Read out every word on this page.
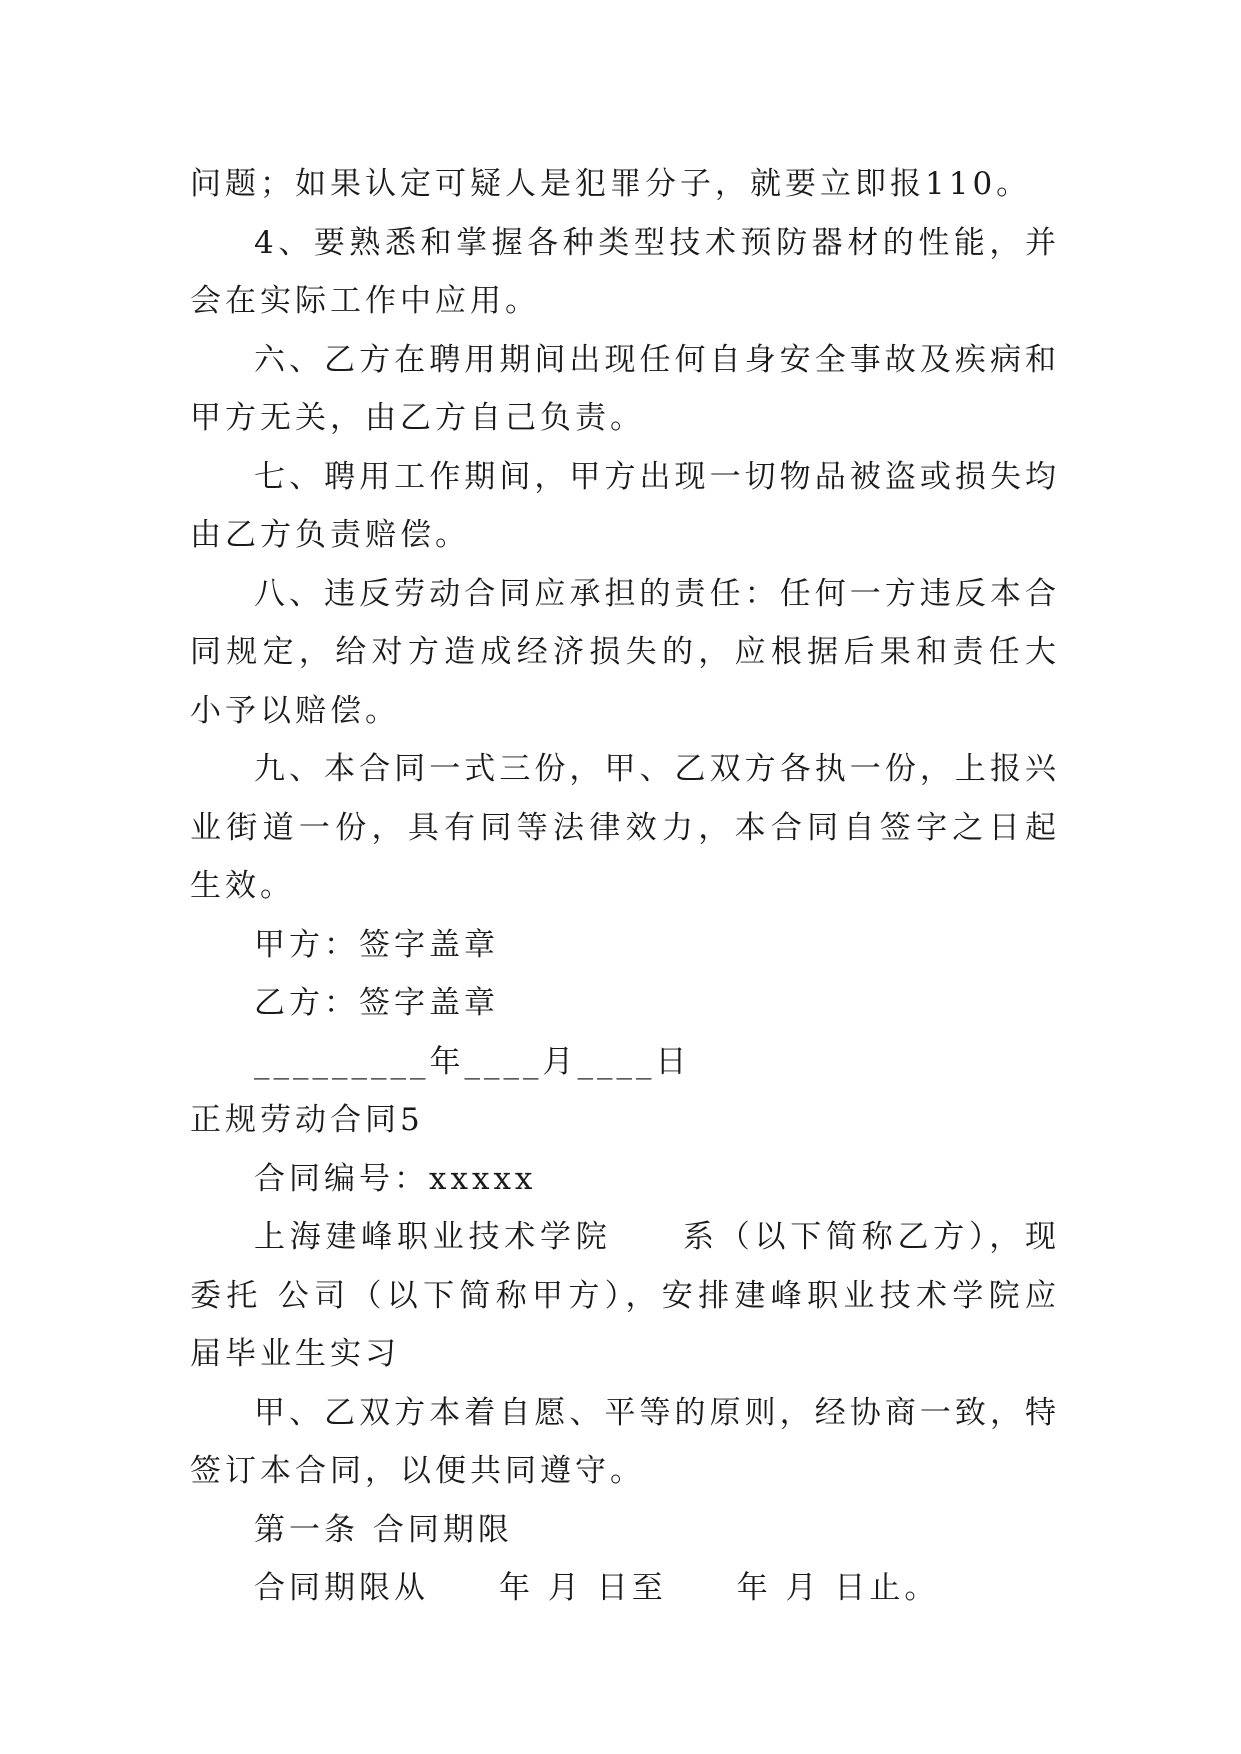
问题；如果认定可疑人是犯罪分子，就要立即报110。

4、要熟悉和掌握各种类型技术预防器材的性能，并会在实际工作中应用。

六、乙方在聘用期间出现任何自身安全事故及疾病和甲方无关，由乙方自己负责。

七、聘用工作期间，甲方出现一切物品被盗或损失均由乙方负责赔偿。

八、违反劳动合同应承担的责任：任何一方违反本合同规定，给对方造成经济损失的，应根据后果和责任大小予以赔偿。

九、本合同一式三份，甲、乙双方各执一份，上报兴业街道一份，具有同等法律效力，本合同自签字之日起生效。

甲方：签字盖章

乙方：签字盖章

_________年____月____日

正规劳动合同5

合同编号：xxxxx

上海建峰职业技术学院　　系（以下简称乙方），现委托 公司（以下简称甲方），安排建峰职业技术学院应届毕业生实习

甲、乙双方本着自愿、平等的原则，经协商一致，特签订本合同，以便共同遵守。

第一条 合同期限

合同期限从　　年 月 日至　　年 月 日止。
